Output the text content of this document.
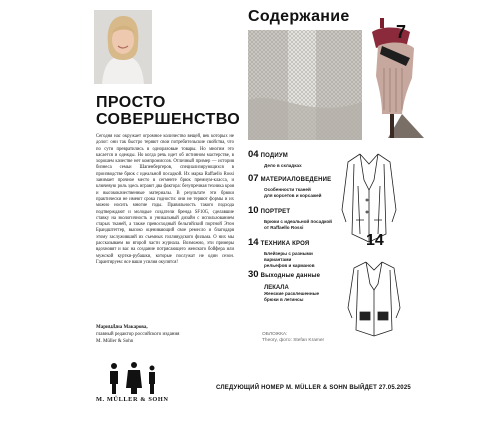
ПРОСТО
СОВЕРШЕНСТВО
Сегодня нас окружает огромное количество вещей, век которых не долог: они так быстро теряют свои потребительские свойства, что по сути превратились в одноразовые товары. Но многим это касается и одежды. Но когда речь идет об истинном мастерстве, в хорошем качестве нет компромиссов. Отличный пример — история бизнеса семьи Шапенбергеров, специализирующихся в производстве брюк с идеальной посадкой. Их марка Raffaello Rossi занимает прочное место в сегменте брюк премиум-класса, и ключевую роль здесь играют два фактора: безупречная техника кроя и высококачественные материалы. В результате эти брюки практически не имеют срока годности: они не теряют формы и их можно носить многие годы. Правильность такого подхода подтверждают и молодые создатели бренда SF10G, сделавшие ставку на экологичность и уникальный дизайн с использованием старых тканей, а также превосходный бельгийский портной Этон Брандштеттер, высоко оценивающий свое ремесло и благодаря этому заслуживший их съемных голливудского фильма. О них мы рассказываем во второй части журнала. Возможно, эти примеры вдохновят и вас на создание потрясающего женского бойфера или мужской куртки-рубашки, которые послужат не один сезон. Гарантируем: все ваши усилия окупятся!
Мариանна Макарова,
главный редактор российского издания
M. Müller & Sohn
Содержание
7
04 ПОДИУМ
Дело в складках
07 МАТЕРИАЛОВЕДЕНИЕ
Особенности тканей
для корсетов и корсажей
10 ПОРТРЕТ
Брюки с идеальной посадкой
от Raffaello Rossi
14 ТЕХНИКА КРОЯ
Блейзеры с разными вариантами
рельефов и карманов
30 Выходные данные
ЛЕКАЛА
Женские расклешенные
брюки в легинсы
14
ОБЛОЖКА:
Theory, фото: Stefan Kramer
M. MÜLLER & SOHN
СЛЕДУЮЩИЙ НОМЕР M. MÜLLER & SOHN ВЫЙДЕТ 27.05.2025
